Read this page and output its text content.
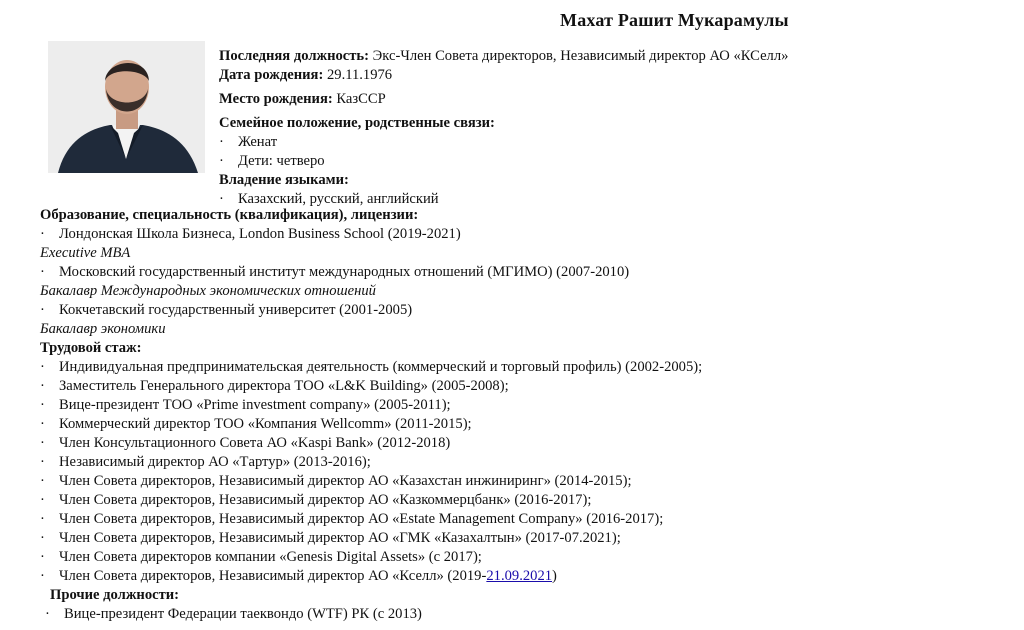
Махат Рашит Мукарамулы
Последняя должность: Экс-Член Совета директоров, Независимый директор АО «КСелл»
Дата рождения: 29.11.1976
Место рождения: КазССР
Семейное положение, родственные связи:
· Женат
· Дети: четверо
Владение языками:
· Казахский, русский, английский
Образование, специальность (квалификация), лицензии:
· Лондонская Школа Бизнеса, London Business School (2019-2021)
Executive MBA
· Московский государственный институт международных отношений (МГИМО) (2007-2010)
Бакалавр Международных экономических отношений
· Кокчетавский государственный университет (2001-2005)
Бакалавр экономики
Трудовой стаж:
· Индивидуальная предпринимательская деятельность (коммерческий и торговый профиль) (2002-2005);
· Заместитель Генерального директора ТОО «L&K Building» (2005-2008);
· Вице-президент ТОО «Prime investment company» (2005-2011);
· Коммерческий директор ТОО «Компания Wellcomm» (2011-2015);
· Член Консультационного Совета АО «Kaspi Bank» (2012-2018)
· Независимый директор АО «Tартур» (2013-2016);
· Член Совета директоров, Независимый директор АО «Казахстан инжиниринг» (2014-2015);
· Член Совета директоров, Независимый директор АО «Казкоммерцбанк» (2016-2017);
· Член Совета директоров, Независимый директор АО «Estate Management Company» (2016-2017);
· Член Совета директоров, Независимый директор АО «ГМК «Казахалтын» (2017-07.2021);
· Член Совета директоров компании «Genesis Digital Assets» (с 2017);
· Член Совета директоров, Независимый директор АО «Кселл» (2019-21.09.2021)
Прочие должности:
· Вице-президент Федерации таеквондо (WTF) РК (с 2013)
